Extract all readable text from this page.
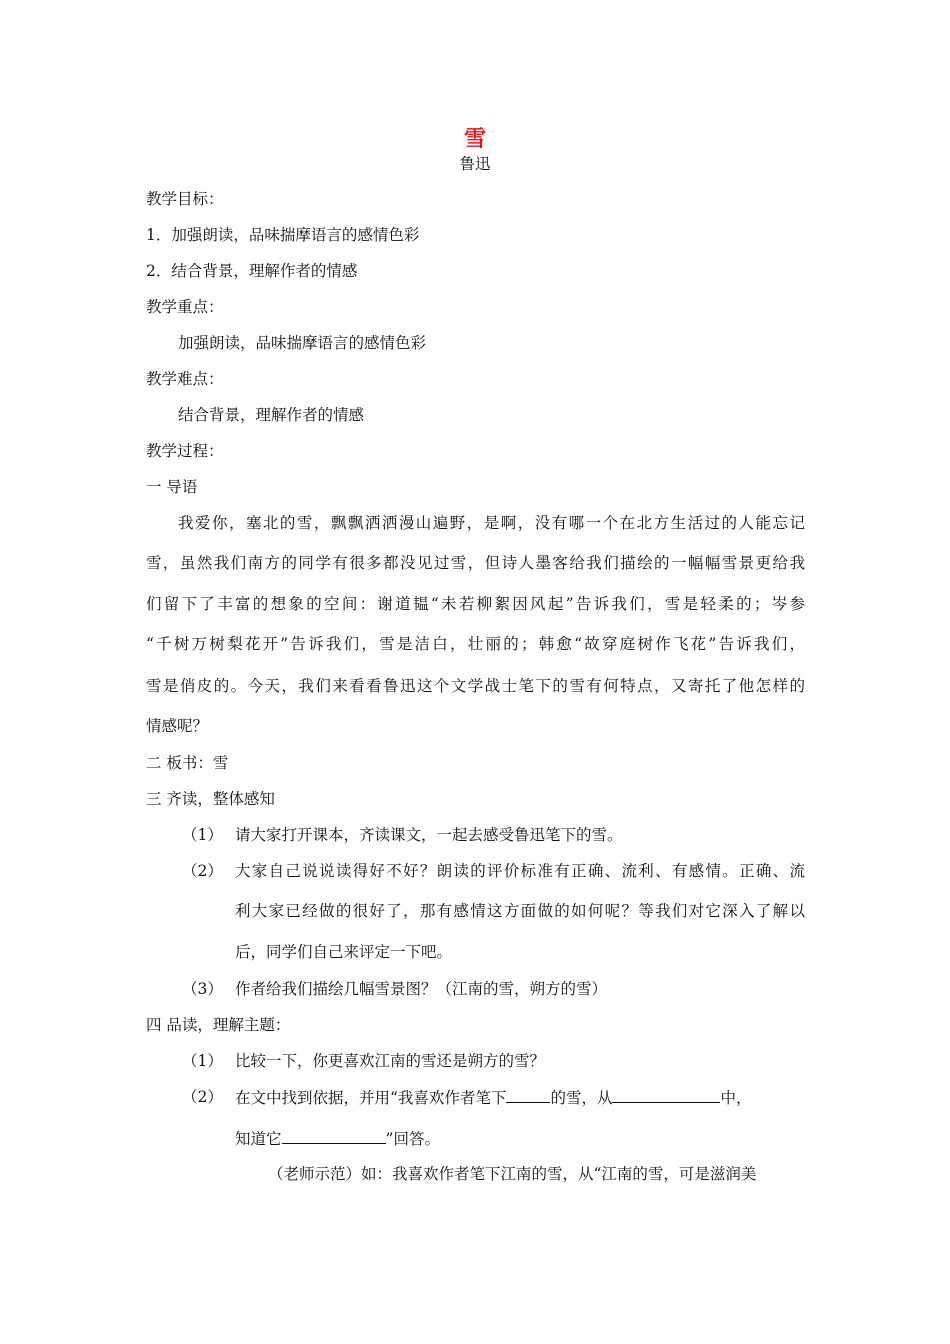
雪
鲁迅
教学目标：
1．加强朗读，品味揣摩语言的感情色彩
2．结合背景，理解作者的情感
教学重点：
加强朗读，品味揣摩语言的感情色彩
教学难点：
结合背景，理解作者的情感
教学过程：
一 导语
我爱你，塞北的雪，飘飘洒洒漫山遍野，是啊，没有哪一个在北方生活过的人能忘记
雪，虽然我们南方的同学有很多都没见过雪，但诗人墨客给我们描绘的一幅幅雪景更给我
们留下了丰富的想象的空间：谢道韫“未若柳絮因风起”告诉我们，雪是轻柔的；岑参
“千树万树梨花开”告诉我们，雪是洁白，壮丽的；韩愈“故穿庭树作飞花”告诉我们，
雪是俏皮的。今天，我们来看看鲁迅这个文学战士笔下的雪有何特点，又寄托了他怎样的
情感呢？
二 板书：雪
三 齐读，整体感知
（1） 请大家打开课本，齐读课文，一起去感受鲁迅笔下的雪。
（2） 大家自己说说读得好不好？朗读的评价标准有正确、流利、有感情。正确、流
利大家已经做的很好了，那有感情这方面做的如何呢？等我们对它深入了解以
后，同学们自己来评定一下吧。
（3） 作者给我们描绘几幅雪景图？（江南的雪，朔方的雪）
四 品读，理解主题：
（1） 比较一下，你更喜欢江南的雪还是朔方的雪？
（2） 在文中找到依据，并用“我喜欢作者笔下	的雪，从	中，
知道它	”回答。
（老师示范）如：我喜欢作者笔下江南的雪，从“江南的雪，可是滋润美
